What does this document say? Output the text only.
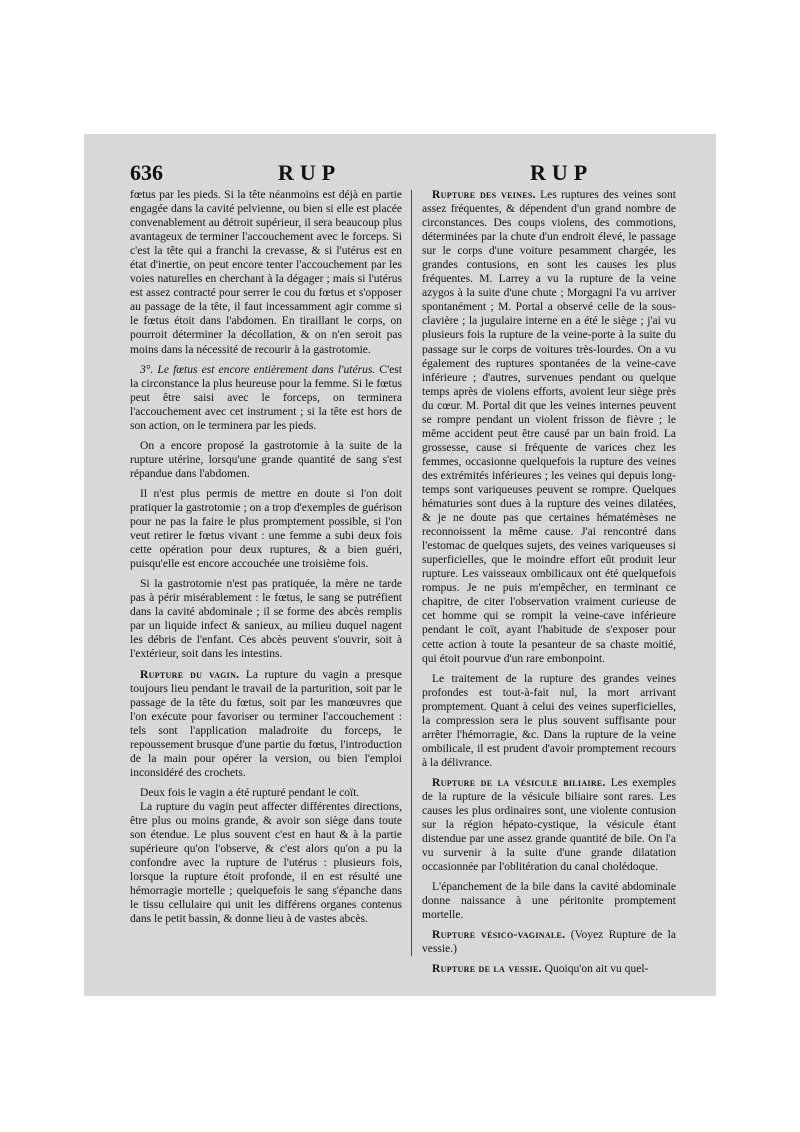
636	RUP	RUP

fœtus par les pieds. Si la tête néanmoins est déjà en partie engagée dans la cavité pelvienne, ou bien si elle est placée convenablement au détroit supérieur, il sera beaucoup plus avantageux de terminer l'accouchement avec le forceps. Si c'est la tête qui a franchi la crevasse, & si l'utérus est en état d'inertie, on peut encore tenter l'accouchement par les voies naturelles en cherchant à la dégager ; mais si l'utérus est assez contracté pour serrer le cou du fœtus et s'opposer au passage de la tête, il faut incessamment agir comme si le fœtus étoit dans l'abdomen. En tiraillant le corps, on pourroit déterminer la décollation, & on n'en seroit pas moins dans la nécessité de recourir à la gastrotomie.

3°. Le fœtus est encore entièrement dans l'utérus. C'est la circonstance la plus heureuse pour la femme. Si le fœtus peut être saisi avec le forceps, on terminera l'accouchement avec cet instrument ; si la tête est hors de son action, on le terminera par les pieds.

On a encore proposé la gastrotomie à la suite de la rupture utérine, lorsqu'une grande quantité de sang s'est répandue dans l'abdomen.

Il n'est plus permis de mettre en doute si l'on doit pratiquer la gastrotomie ; on a trop d'exemples de guérison pour ne pas la faire le plus promptement possible, si l'on veut retirer le fœtus vivant : une femme a subi deux fois cette opération pour deux ruptures, & a bien guéri, puisqu'elle est encore accouchée une troisième fois.

Si la gastrotomie n'est pas pratiquée, la mère ne tarde pas à périr misérablement : le fœtus, le sang se putréfient dans la cavité abdominale ; il se forme des abcès remplis par un liquide infect & sanieux, au milieu duquel nagent les débris de l'enfant. Ces abcès peuvent s'ouvrir, soit à l'extérieur, soit dans les intestins.

Rupture du vagin. La rupture du vagin a presque toujours lieu pendant le travail de la parturition, soit par le passage de la tête du fœtus, soit par les manœuvres que l'on exécute pour favoriser ou terminer l'accouchement : tels sont l'application maladroite du forceps, le repoussement brusque d'une partie du fœtus, l'introduction de la main pour opérer la version, ou bien l'emploi inconsidéré des crochets.

Deux fois le vagin a été rupturé pendant le coït.

La rupture du vagin peut affecter différentes directions, être plus ou moins grande, & avoir son siège dans toute son étendue. Le plus souvent c'est en haut & à la partie supérieure qu'on l'observe, & c'est alors qu'on a pu la confondre avec la rupture de l'utérus : plusieurs fois, lorsque la rupture étoit profonde, il en est résulté une hémorragie mortelle ; quelquefois le sang s'épanche dans le tissu cellulaire qui unit les différens organes contenus dans le petit bassin, & donne lieu à de vastes abcès.

Rupture des veines. Les ruptures des veines sont assez fréquentes, & dépendent d'un grand nombre de circonstances. Des coups violens, des commotions, déterminées par la chute d'un endroit élevé, le passage sur le corps d'une voiture pesamment chargée, les grandes contusions, en sont les causes les plus fréquentes. M. Larrey a vu la rupture de la veine azygos à la suite d'une chute ; Morgagni l'a vu arriver spontanément ; M. Portal a observé celle de la sous-clavière ; la jugulaire interne en a été le siège ; j'ai vu plusieurs fois la rupture de la veine-porte à la suite du passage sur le corps de voitures très-lourdes. On a vu également des ruptures spontanées de la veine-cave inférieure ; d'autres, survenues pendant ou quelque temps après de violens efforts, avoient leur siège près du cœur. M. Portal dit que les veines internes peuvent se rompre pendant un violent frisson de fièvre ; le même accident peut être causé par un bain froid. La grossesse, cause si fréquente de varices chez les femmes, occasionne quelquefois la rupture des veines des extrémités inférieures ; les veines qui depuis long-temps sont variqueuses peuvent se rompre. Quelques hématuries sont dues à la rupture des veines dilatées, & je ne doute pas que certaines hématémèses ne reconnoissent la même cause. J'ai rencontré dans l'estomac de quelques sujets, des veines variqueuses si superficielles, que le moindre effort eût produit leur rupture. Les vaisseaux ombilicaux ont été quelquefois rompus. Je ne puis m'empêcher, en terminant ce chapitre, de citer l'observation vraiment curieuse de cet homme qui se rompit la veine-cave inférieure pendant le coït, ayant l'habitude de s'exposer pour cette action à toute la pesanteur de sa chaste moitié, qui étoit pourvue d'un rare embonpoint.

Le traitement de la rupture des grandes veines profondes est tout-à-fait nul, la mort arrivant promptement. Quant à celui des veines superficielles, la compression sera le plus souvent suffisante pour arrêter l'hémorragie, &c. Dans la rupture de la veine ombilicale, il est prudent d'avoir promptement recours à la délivrance.

Rupture de la vésicule biliaire. Les exemples de la rupture de la vésicule biliaire sont rares. Les causes les plus ordinaires sont, une violente contusion sur la région hépato-cystique, la vésicule étant distendue par une assez grande quantité de bile. On l'a vu survenir à la suite d'une grande dilatation occasionnée par l'oblitération du canal cholédoque.

L'épanchement de la bile dans la cavité abdominale donne naissance à une péritonite promptement mortelle.

Rupture vésico-vaginale. (Voyez Rupture de la vessie.)

Rupture de la vessie. Quoiqu'on ait vu quel-
